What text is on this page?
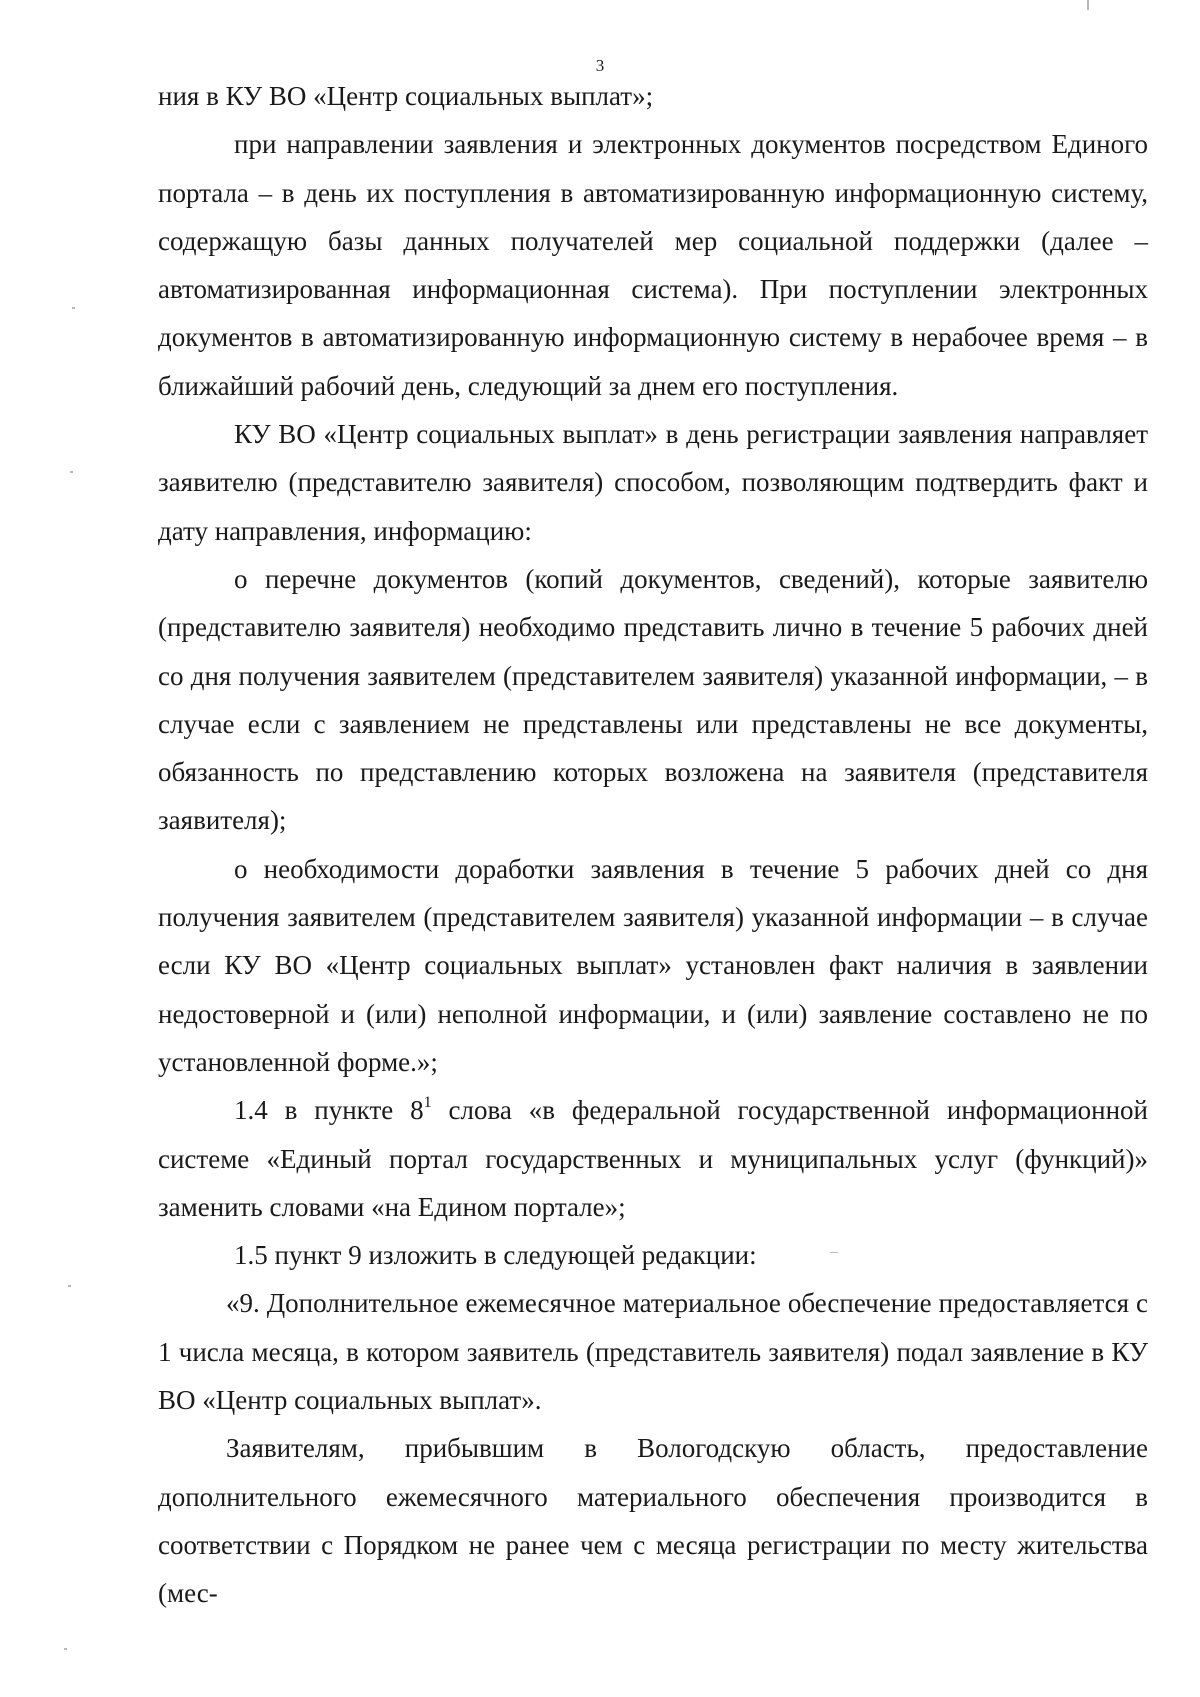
3

ния в КУ ВО «Центр социальных выплат»;

при направлении заявления и электронных документов посредством Единого портала – в день их поступления в автоматизированную информационную систему, содержащую базы данных получателей мер социальной поддержки (далее – автоматизированная информационная система). При поступлении электронных документов в автоматизированную информационную систему в нерабочее время – в ближайший рабочий день, следующий за днем его поступления.

КУ ВО «Центр социальных выплат» в день регистрации заявления направляет заявителю (представителю заявителя) способом, позволяющим подтвердить факт и дату направления, информацию:

о перечне документов (копий документов, сведений), которые заявителю (представителю заявителя) необходимо представить лично в течение 5 рабочих дней со дня получения заявителем (представителем заявителя) указанной информации, – в случае если с заявлением не представлены или представлены не все документы, обязанность по представлению которых возложена на заявителя (представителя заявителя);

о необходимости доработки заявления в течение 5 рабочих дней со дня получения заявителем (представителем заявителя) указанной информации – в случае если КУ ВО «Центр социальных выплат» установлен факт наличия в заявлении недостоверной и (или) неполной информации, и (или) заявление составлено не по установленной форме.»;

1.4 в пункте $8^1$ слова «в федеральной государственной информационной системе «Единый портал государственных и муниципальных услуг (функций)» заменить словами «на Едином портале»;

1.5 пункт 9 изложить в следующей редакции:

«9. Дополнительное ежемесячное материальное обеспечение предоставляется с 1 числа месяца, в котором заявитель (представитель заявителя) подал заявление в КУ ВО «Центр социальных выплат».

Заявителям, прибывшим в Вологодскую область, предоставление дополнительного ежемесячного материального обеспечения производится в соответствии с Порядком не ранее чем с месяца регистрации по месту жительства (мес-
